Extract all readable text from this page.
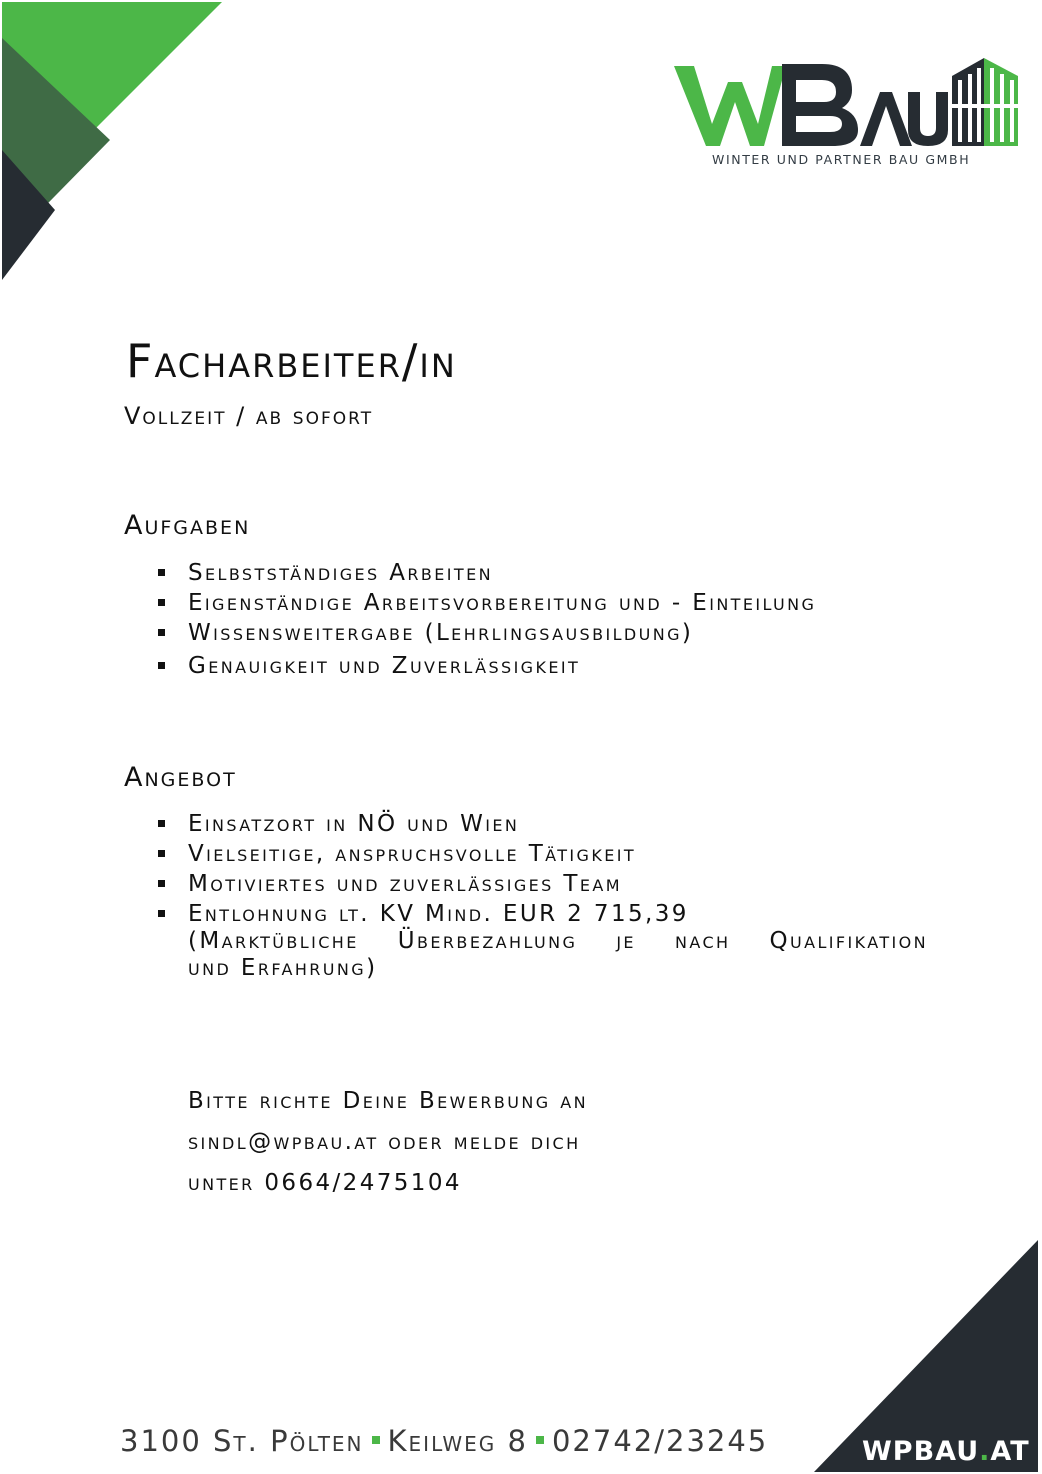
WINTER UND PARTNER BAU GMBH
Facharbeiter/in
Vollzeit / ab sofort
Aufgaben
Selbstständiges Arbeiten
Eigenständige Arbeitsvorbereitung und - Einteilung
Wissensweitergabe (Lehrlingsausbildung)
Genauigkeit und Zuverlässigkeit
Angebot
Einsatzort in NÖ und Wien
Vielseitige, anspruchsvolle Tätigkeit
Motiviertes und zuverlässiges Team
Entlohnung lt. KV Mind. EUR 2 715,39
(Marktübliche Überbezahlung je nach Qualifikation
und Erfahrung)

Bitte richte Deine Bewerbung an

sindl@wpbau.at oder melde dich

unter 0664/2475104

3100 St. Pölten Keilweg 8 02742/23245	WPBAU.AT
